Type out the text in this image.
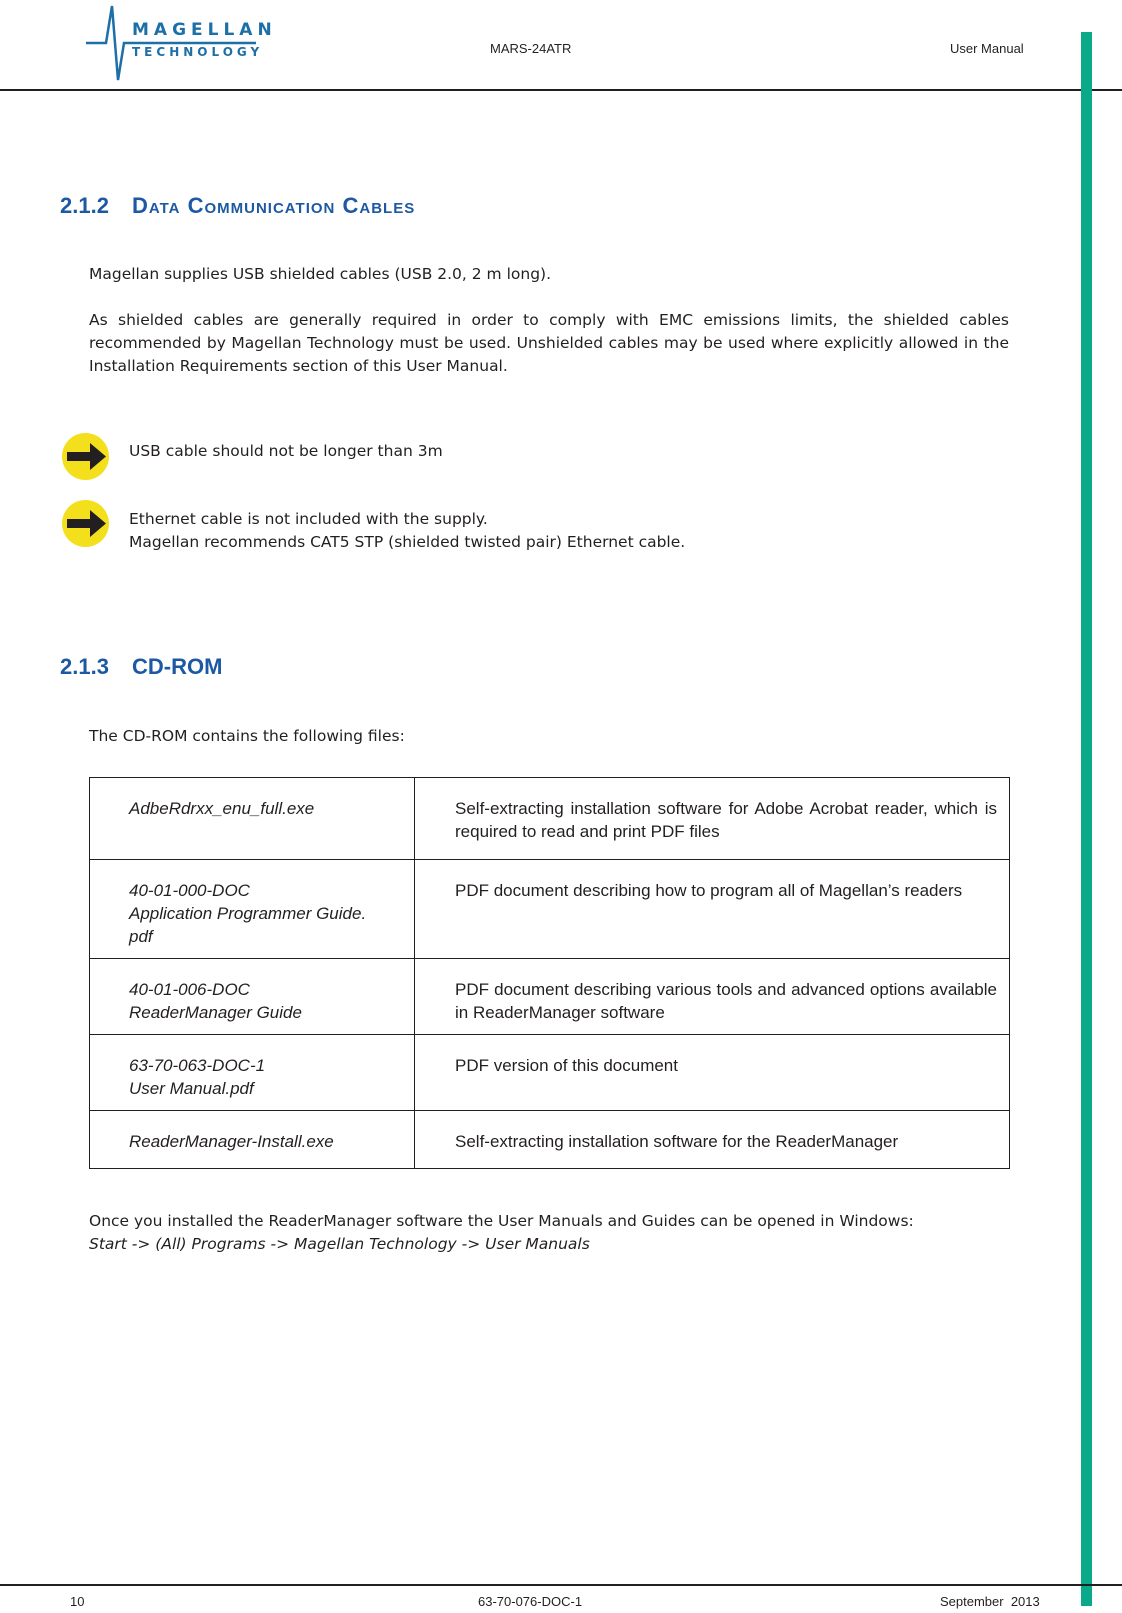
MAGELLAN
TECHNOLOGY	MARS-24ATR	User Manual
2.1.2 Data Communication Cables
Magellan supplies USB shielded cables (USB 2.0, 2 m long).
As shielded cables are generally required in order to comply with EMC emissions limits, the shielded cables recommended by Magellan Technology must be used. Unshielded cables may be used where explicitly allowed in the Installation Requirements section of this User Manual.
USB cable should not be longer than 3m
Ethernet cable is not included with the supply.
Magellan recommends CAT5 STP (shielded twisted pair) Ethernet cable.
2.1.3 CD-ROM
The CD-ROM contains the following files:
AdbeRdrxx_enu_full.exe	Self-extracting installation software for Adobe Acrobat reader, which is required to read and print PDF files

40-01-000-DOC
Application Programmer Guide.
pdf	PDF document describing how to program all of Magellan’s readers

40-01-006-DOC
ReaderManager Guide	PDF document describing various tools and advanced options available in ReaderManager software

63-70-063-DOC-1
User Manual.pdf	PDF version of this document

ReaderManager-Install.exe	Self-extracting installation software for the ReaderManager
Once you installed the ReaderManager software the User Manuals and Guides can be opened in Windows:
Start -> (All) Programs -> Magellan Technology -> User Manuals
10	63-70-076-DOC-1	September  2013
